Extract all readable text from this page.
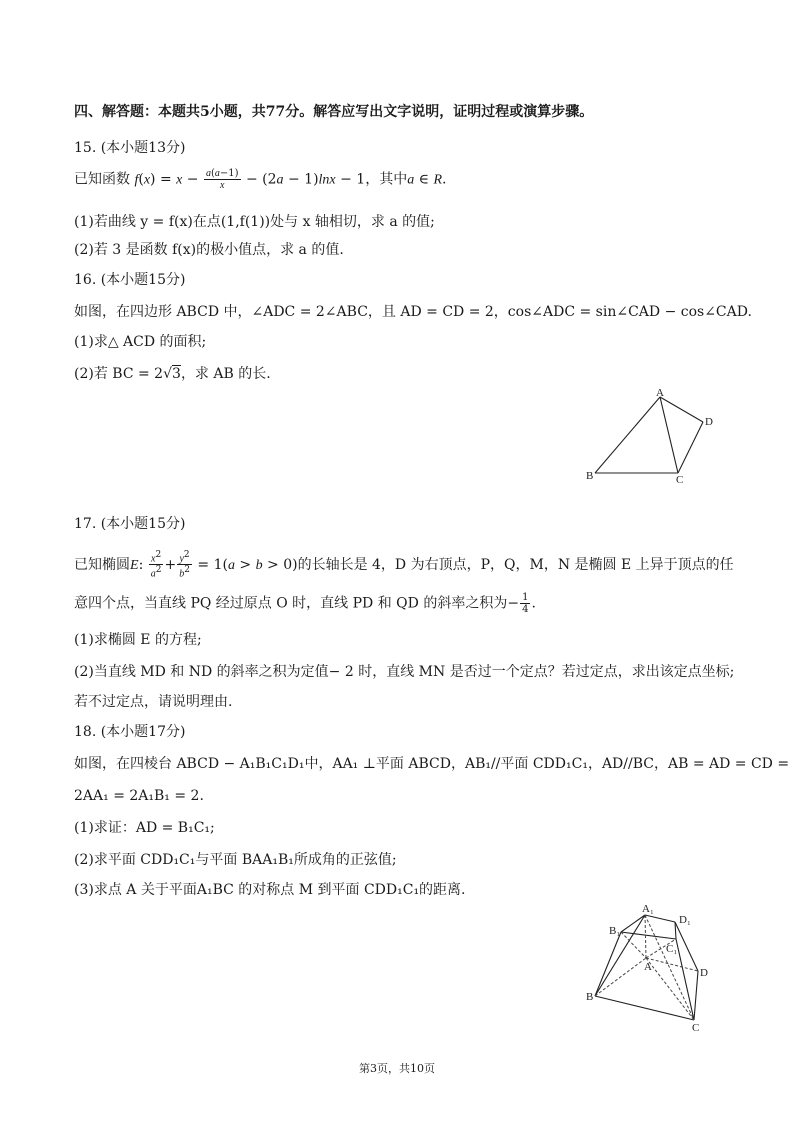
四、解答题：本题共5小题，共77分。解答应写出文字说明，证明过程或演算步骤。
15. (本小题13分)
已知函数 $f(x) = x - \frac{a(a-1)}{x} - (2a - 1)\ln x - 1$，其中a ∈ R.
(1)若曲线 y = f(x)在点(1,f(1))处与 x 轴相切，求 a 的值;
(2)若 3 是函数 f(x)的极小值点，求 a 的值.
16. (本小题15分)
如图，在四边形 ABCD 中，∠ADC = 2∠ABC，且 AD = CD = 2，cos∠ADC = sin∠CAD − cos∠CAD.
(1)求△ ACD 的面积;
(2)若 BC = 2√3，求 AB 的长.
A
B	C
D
17. (本小题15分)
已知椭圆E: $\frac{x^2}{a^2} + \frac{y^2}{b^2} = 1(a > b > 0)$的长轴长是 4，D 为右顶点，P，Q，M，N 是椭圆 E 上异于顶点的任
意四个点，当直线 PQ 经过原点 O 时，直线 PD 和 QD 的斜率之积为− $\frac{1}{4}$ .
(1)求椭圆 E 的方程;
(2)当直线 MD 和 ND 的斜率之积为定值− 2 时，直线 MN 是否过一个定点？若过定点，求出该定点坐标;
若不过定点，请说明理由.
18. (本小题17分)
如图，在四棱台 ABCD − A₁B₁C₁D₁中，AA₁ ⊥平面 ABCD，AB₁//平面 CDD₁C₁，AD//BC，AB = AD = CD =
2AA₁ = 2A₁B₁ = 2.
(1)求证：AD = B₁C₁;
(2)求平面 CDD₁C₁与平面 BAA₁B₁所成角的正弦值;
(3)求点 A 关于平面A₁BC 的对称点 M 到平面 CDD₁C₁的距离.
A₁
D₁
B₁
C₁
A	D
B
C
第3页，共10页
